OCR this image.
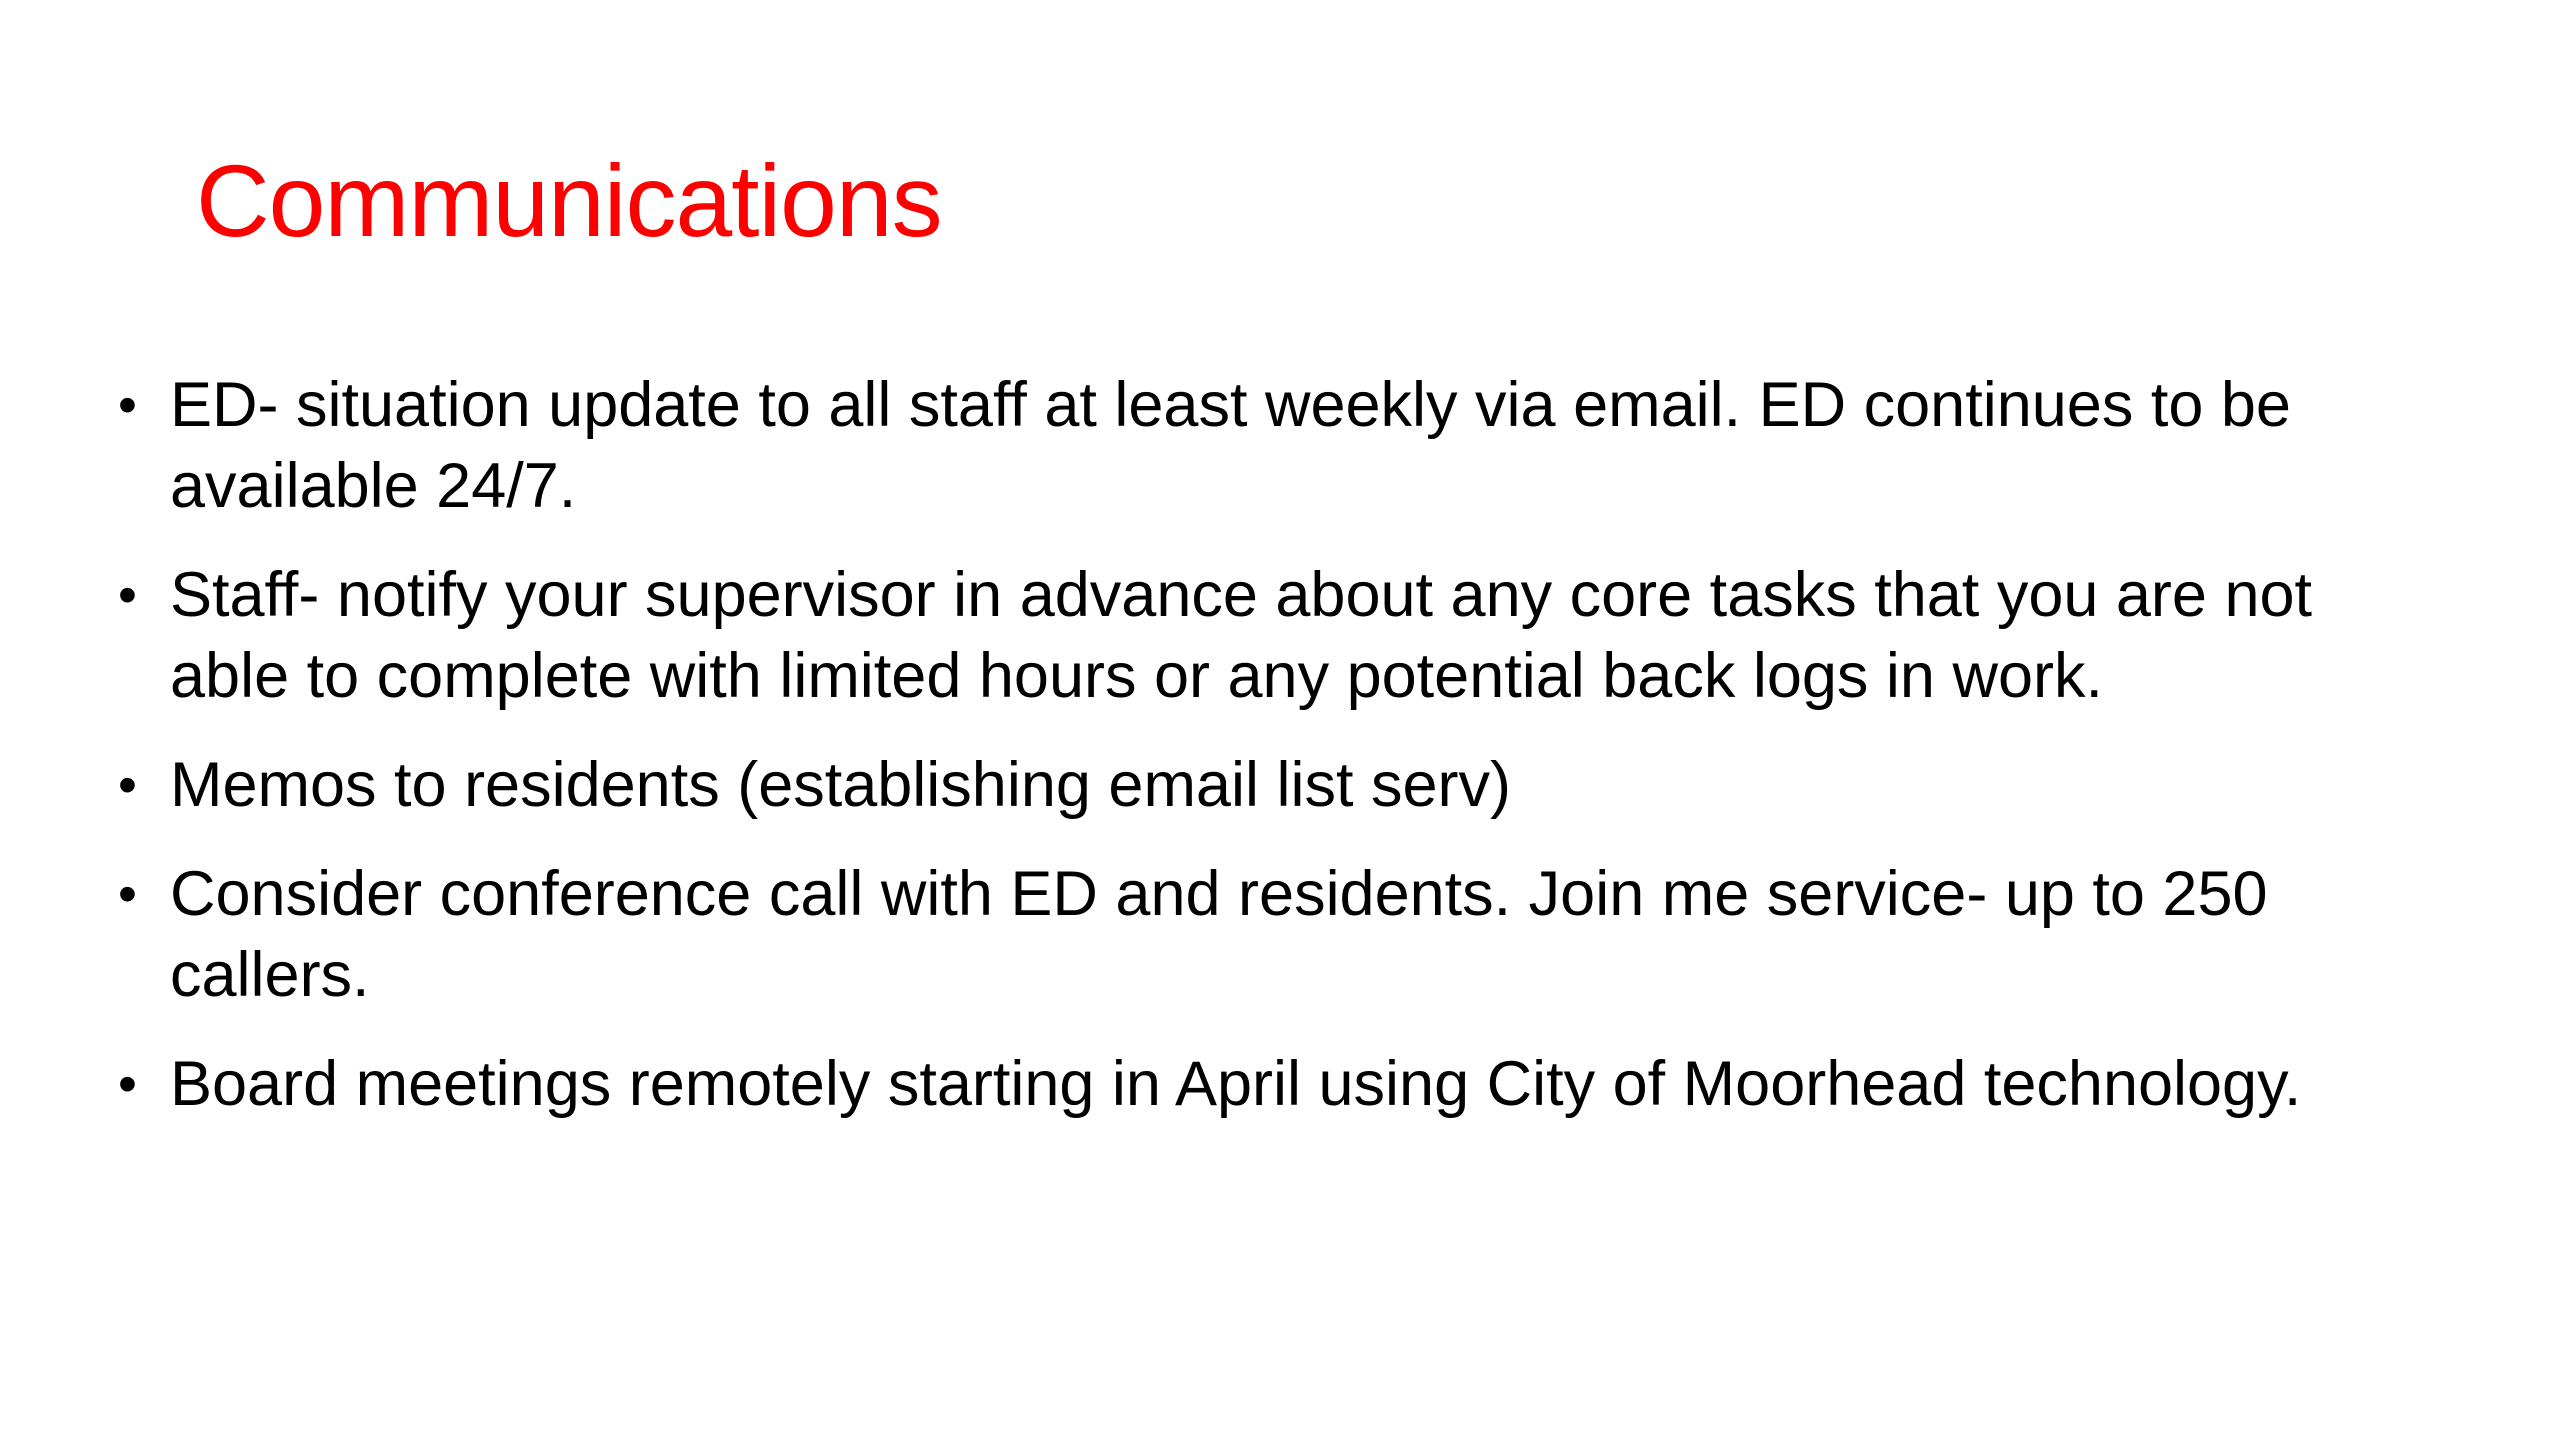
Communications
• ED- situation update to all staff at least weekly via email. ED continues to be available 24/7.
• Staff- notify your supervisor in advance about any core tasks that you are not able to complete with limited hours or any potential back logs in work.
• Memos to residents (establishing email list serv)
• Consider conference call with ED and residents. Join me service- up to 250 callers.
• Board meetings remotely starting in April using City of Moorhead technology.
